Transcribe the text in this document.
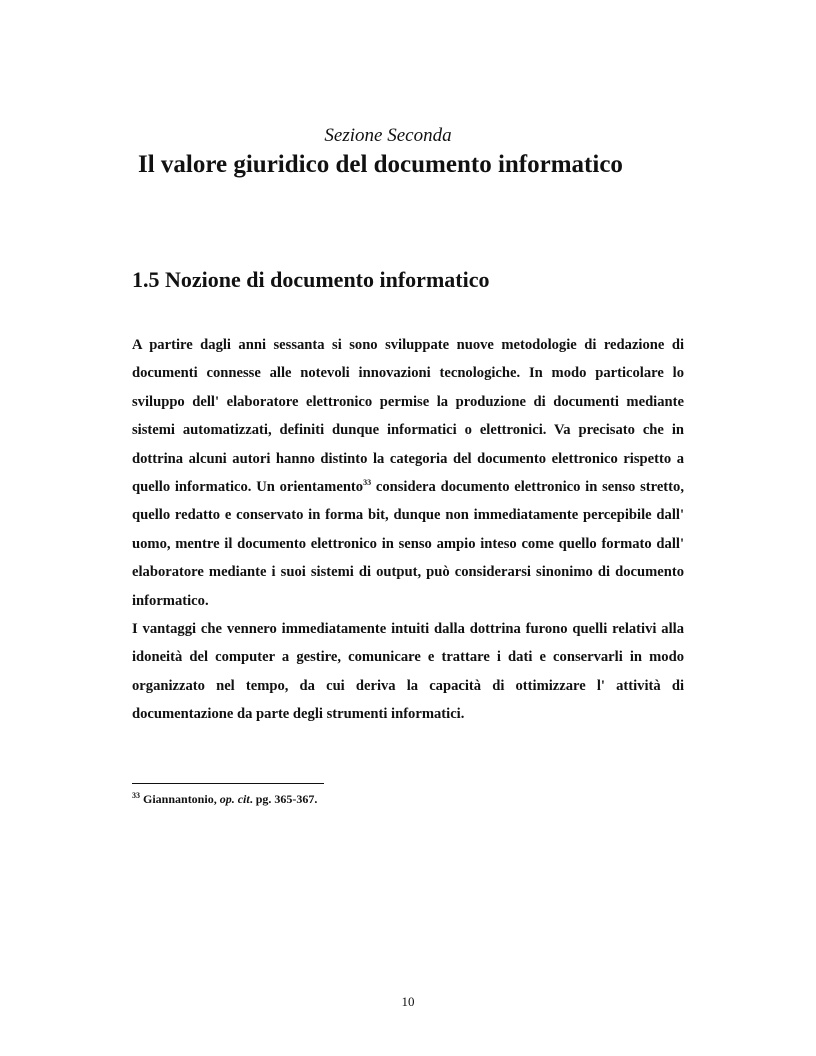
Sezione Seconda
Il valore giuridico del documento informatico
1.5 Nozione di documento informatico

A partire dagli anni sessanta si sono sviluppate nuove metodologie di redazione di documenti connesse alle notevoli innovazioni tecnologiche. In modo particolare lo sviluppo dell' elaboratore elettronico permise la produzione di documenti mediante sistemi automatizzati, definiti dunque informatici o elettronici. Va precisato che in dottrina alcuni autori hanno distinto la categoria del documento elettronico rispetto a quello informatico. Un orientamento$^{33}$ considera documento elettronico in senso stretto, quello redatto e conservato in forma bit, dunque non immediatamente percepibile dall' uomo, mentre il documento elettronico in senso ampio inteso come quello formato dall' elaboratore mediante i suoi sistemi di output, può considerarsi sinonimo di documento informatico.

I vantaggi che vennero immediatamente intuiti dalla dottrina furono quelli relativi alla idoneità del computer a gestire, comunicare e trattare i dati e conservarli in modo organizzato nel tempo, da cui deriva la capacità di ottimizzare l' attività di documentazione da parte degli strumenti informatici.

$^{33}$ Giannantonio, op. cit. pg. 365-367.
10
